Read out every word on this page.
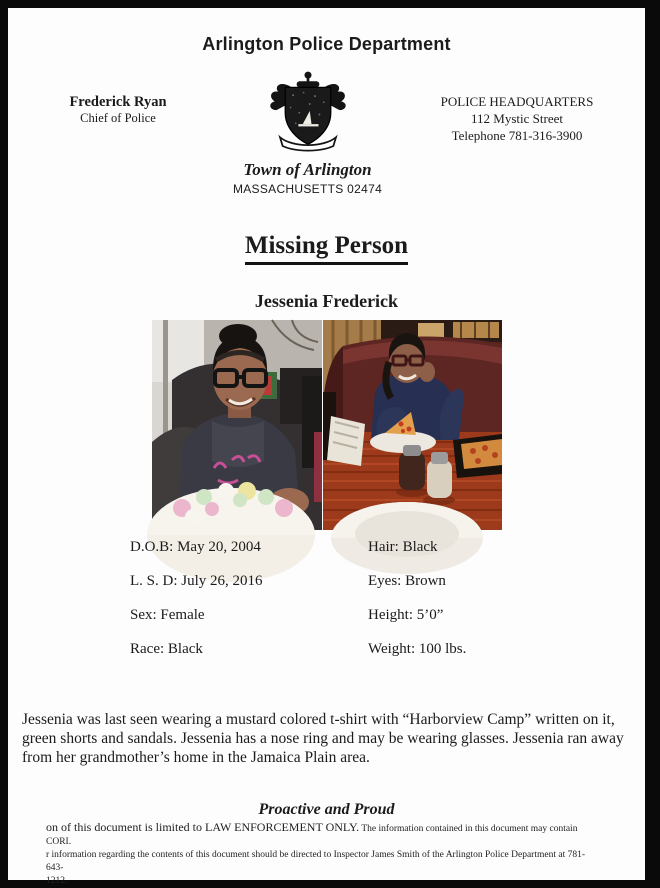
Arlington Police Department
Frederick Ryan
Chief of Police
Town of Arlington
MASSACHUSETTS 02474
POLICE HEADQUARTERS
112 Mystic Street
Telephone 781-316-3900
Missing Person
Jessenia Frederick
D.O.B: May 20, 2004	Hair: Black
L. S. D: July 26, 2016	Eyes: Brown
Sex: Female	Height: 5’0”
Race: Black	Weight: 100 lbs.

Jessenia was last seen wearing a mustard colored t-shirt with “Harborview Camp” written on it, green shorts and sandals. Jessenia has a nose ring and may be wearing glasses. Jessenia ran away from her grandmother’s home in the Jamaica Plain area.

Proactive and Proud
on of this document is limited to LAW ENFORCEMENT ONLY. The information contained in this document may contain CORI.
r information regarding the contents of this document should be directed to Inspector James Smith of the Arlington Police Department at 781-643-
1212.
